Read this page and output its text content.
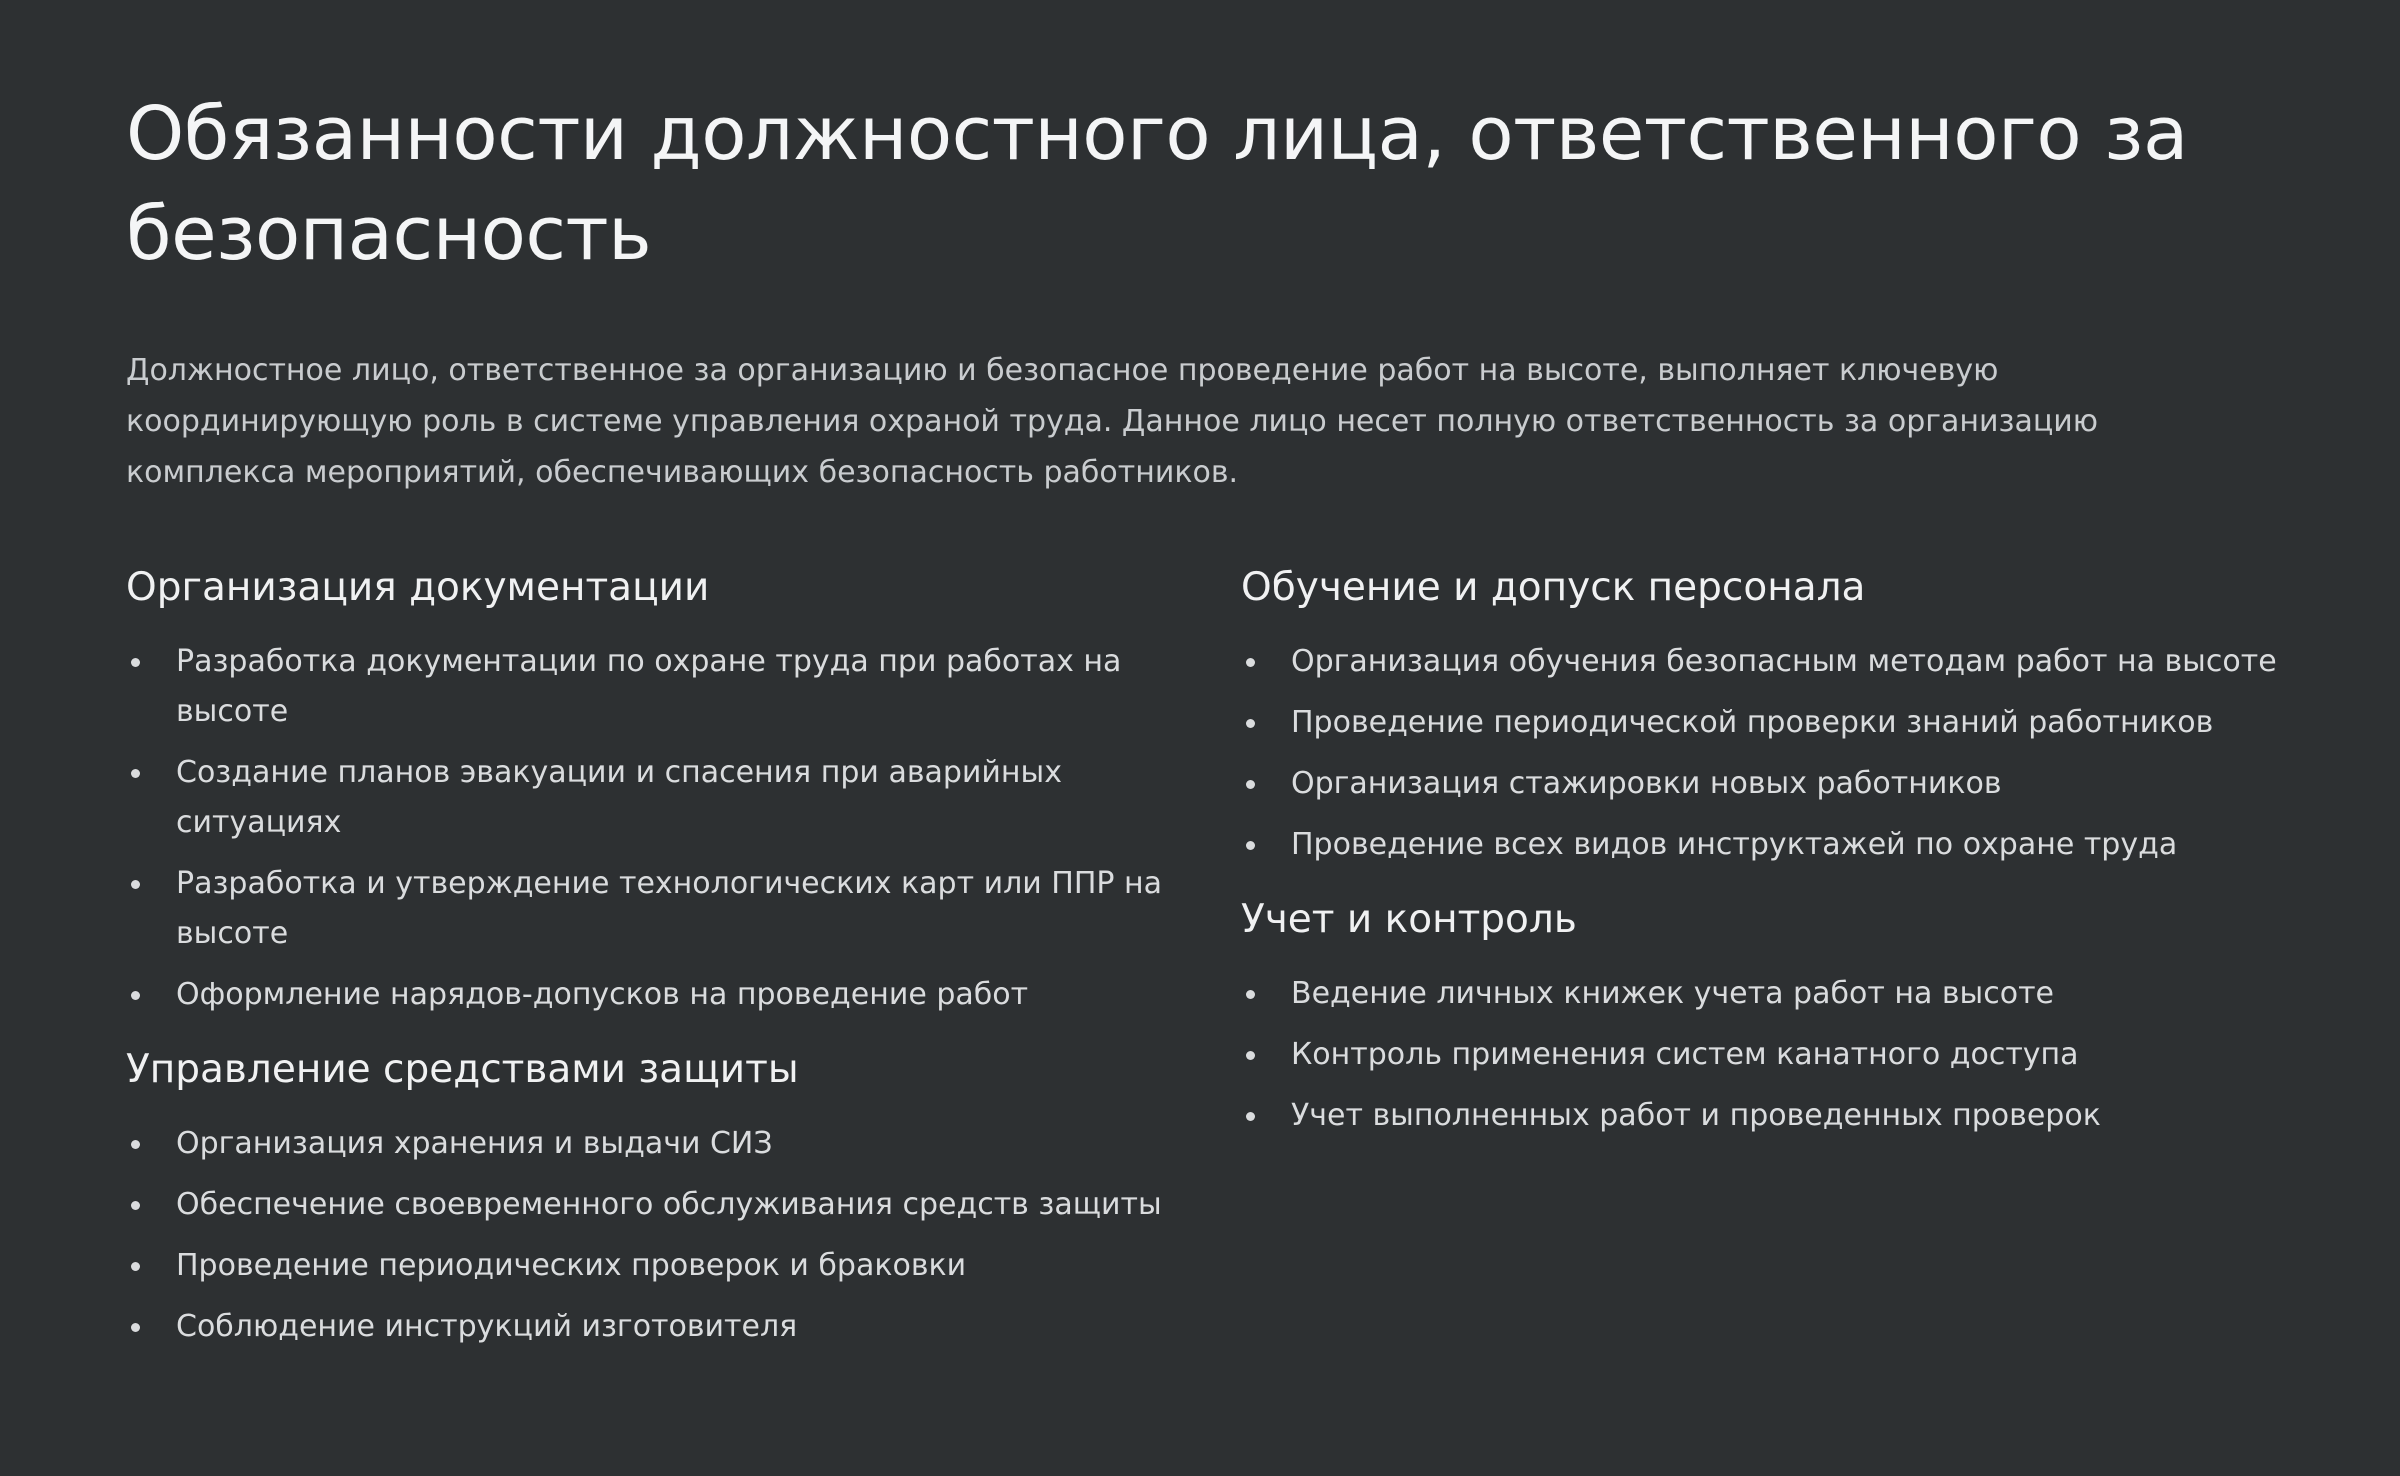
Обязанности должностного лица, ответственного за безопасность

Должностное лицо, ответственное за организацию и безопасное проведение работ на высоте, выполняет ключевую координирующую роль в системе управления охраной труда. Данное лицо несет полную ответственность за организацию комплекса мероприятий, обеспечивающих безопасность работников.

Организация документации
Разработка документации по охране труда при работах на высоте
Создание планов эвакуации и спасения при аварийных ситуациях
Разработка и утверждение технологических карт или ППР на высоте
Оформление нарядов-допусков на проведение работ
Управление средствами защиты
Организация хранения и выдачи СИЗ
Обеспечение своевременного обслуживания средств защиты
Проведение периодических проверок и браковки
Соблюдение инструкций изготовителя
Обучение и допуск персонала
Организация обучения безопасным методам работ на высоте
Проведение периодической проверки знаний работников
Организация стажировки новых работников
Проведение всех видов инструктажей по охране труда
Учет и контроль
Ведение личных книжек учета работ на высоте
Контроль применения систем канатного доступа
Учет выполненных работ и проведенных проверок
